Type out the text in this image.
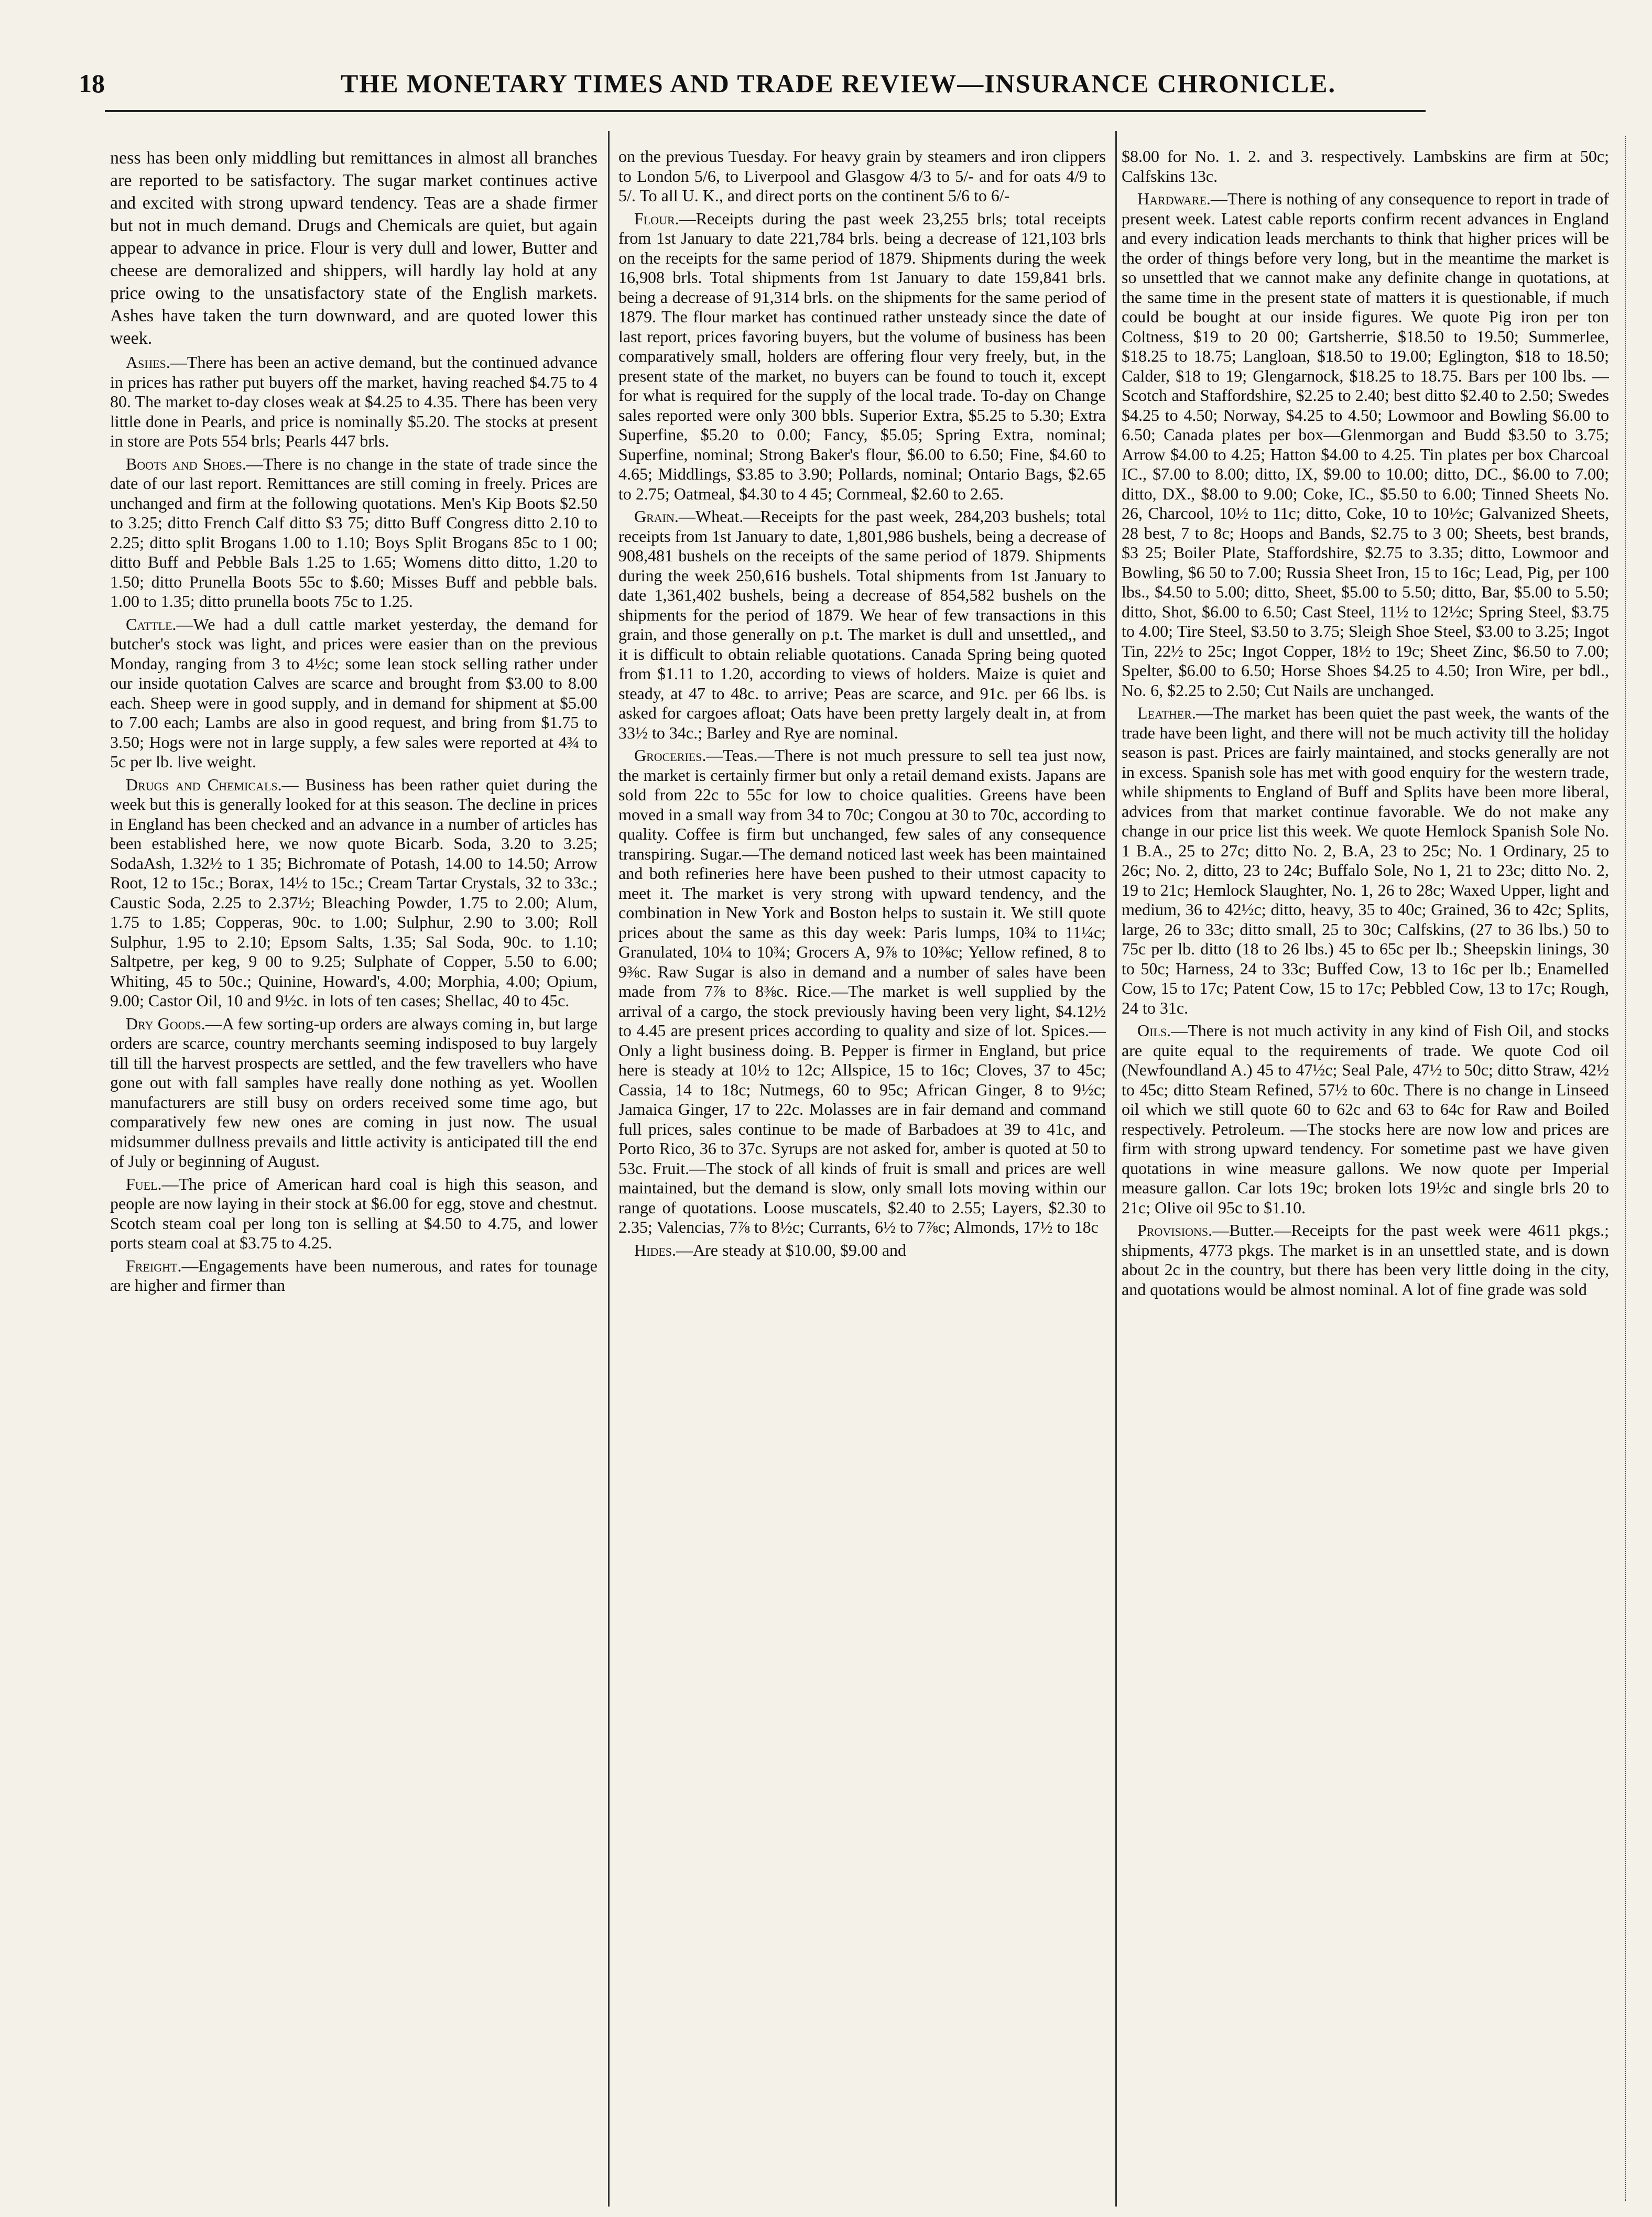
18	THE MONETARY TIMES AND TRADE REVIEW—INSURANCE CHRONICLE.

ness has been only middling but remittances in almost all branches are reported to be satisfactory. The sugar market continues active and excited with strong upward tendency. Teas are a shade firmer but not in much demand. Drugs and Chemicals are quiet, but again appear to advance in price. Flour is very dull and lower, Butter and cheese are demoralized and shippers, will hardly lay hold at any price owing to the unsatisfactory state of the English markets. Ashes have taken the turn downward, and are quoted lower this week.

Ashes.—There has been an active demand, but the continued advance in prices has rather put buyers off the market, having reached $4.75 to 4 80. The market to-day closes weak at $4.25 to 4.35. There has been very little done in Pearls, and price is nominally $5.20. The stocks at present in store are Pots 554 brls; Pearls 447 brls.

Boots and Shoes.—There is no change in the state of trade since the date of our last report. Remittances are still coming in freely. Prices are unchanged and firm at the following quotations. Men's Kip Boots $2.50 to 3.25; ditto French Calf ditto $3 75; ditto Buff Congress ditto 2.10 to 2.25; ditto split Brogans 1.00 to 1.10; Boys Split Brogans 85c to 1 00; ditto Buff and Pebble Bals 1.25 to 1.65; Womens ditto ditto, 1.20 to 1.50; ditto Prunella Boots 55c to $.60; Misses Buff and pebble bals. 1.00 to 1.35; ditto prunella boots 75c to 1.25.

Cattle.—We had a dull cattle market yesterday, the demand for butcher's stock was light, and prices were easier than on the previous Monday, ranging from 3 to 4½c; some lean stock selling rather under our inside quotation Calves are scarce and brought from $3.00 to 8.00 each. Sheep were in good supply, and in demand for shipment at $5.00 to 7.00 each; Lambs are also in good request, and bring from $1.75 to 3.50; Hogs were not in large supply, a few sales were reported at 4¾ to 5c per lb. live weight.

Drugs and Chemicals.— Business has been rather quiet during the week but this is generally looked for at this season. The decline in prices in England has been checked and an advance in a number of articles has been established here, we now quote Bicarb. Soda, 3.20 to 3.25; SodaAsh, 1.32½ to 1 35; Bichromate of Potash, 14.00 to 14.50; Arrow Root, 12 to 15c.; Borax, 14½ to 15c.; Cream Tartar Crystals, 32 to 33c.; Caustic Soda, 2.25 to 2.37½; Bleaching Powder, 1.75 to 2.00; Alum, 1.75 to 1.85; Copperas, 90c. to 1.00; Sulphur, 2.90 to 3.00; Roll Sulphur, 1.95 to 2.10; Epsom Salts, 1.35; Sal Soda, 90c. to 1.10; Saltpetre, per keg, 9 00 to 9.25; Sulphate of Copper, 5.50 to 6.00; Whiting, 45 to 50c.; Quinine, Howard's, 4.00; Morphia, 4.00; Opium, 9.00; Castor Oil, 10 and 9½c. in lots of ten cases; Shellac, 40 to 45c.

Dry Goods.—A few sorting-up orders are always coming in, but large orders are scarce, country merchants seeming indisposed to buy largely till till the harvest prospects are settled, and the few travellers who have gone out with fall samples have really done nothing as yet. Woollen manufacturers are still busy on orders received some time ago, but comparatively few new ones are coming in just now. The usual midsummer dullness prevails and little activity is anticipated till the end of July or beginning of August.

Fuel.—The price of American hard coal is high this season, and people are now laying in their stock at $6.00 for egg, stove and chestnut. Scotch steam coal per long ton is selling at $4.50 to 4.75, and lower ports steam coal at $3.75 to 4.25.

Freight.—Engagements have been numerous, and rates for tounage are higher and firmer than

on the previous Tuesday. For heavy grain by steamers and iron clippers to London 5/6, to Liverpool and Glasgow 4/3 to 5/- and for oats 4/9 to 5/. To all U. K., and direct ports on the continent 5/6 to 6/-

Flour.—Receipts during the past week 23,255 brls; total receipts from 1st January to date 221,784 brls. being a decrease of 121,103 brls on the receipts for the same period of 1879. Shipments during the week 16,908 brls. Total shipments from 1st January to date 159,841 brls. being a decrease of 91,314 brls. on the shipments for the same period of 1879. The flour market has continued rather unsteady since the date of last report, prices favoring buyers, but the volume of business has been comparatively small, holders are offering flour very freely, but, in the present state of the market, no buyers can be found to touch it, except for what is required for the supply of the local trade. To-day on Change sales reported were only 300 bbls. Superior Extra, $5.25 to 5.30; Extra Superfine, $5.20 to 0.00; Fancy, $5.05; Spring Extra, nominal; Superfine, nominal; Strong Baker's flour, $6.00 to 6.50; Fine, $4.60 to 4.65; Middlings, $3.85 to 3.90; Pollards, nominal; Ontario Bags, $2.65 to 2.75; Oatmeal, $4.30 to 4 45; Cornmeal, $2.60 to 2.65.

Grain.—Wheat.—Receipts for the past week, 284,203 bushels; total receipts from 1st January to date, 1,801,986 bushels, being a decrease of 908,481 bushels on the receipts of the same period of 1879. Shipments during the week 250,616 bushels. Total shipments from 1st January to date 1,361,402 bushels, being a decrease of 854,582 bushels on the shipments for the period of 1879. We hear of few transactions in this grain, and those generally on p.t. The market is dull and unsettled,, and it is difficult to obtain reliable quotations. Canada Spring being quoted from $1.11 to 1.20, according to views of holders. Maize is quiet and steady, at 47 to 48c. to arrive; Peas are scarce, and 91c. per 66 lbs. is asked for cargoes afloat; Oats have been pretty largely dealt in, at from 33½ to 34c.; Barley and Rye are nominal.

Groceries.—Teas.—There is not much pressure to sell tea just now, the market is certainly firmer but only a retail demand exists. Japans are sold from 22c to 55c for low to choice qualities. Greens have been moved in a small way from 34 to 70c; Congou at 30 to 70c, according to quality. Coffee is firm but unchanged, few sales of any consequence transpiring. Sugar.—The demand noticed last week has been maintained and both refineries here have been pushed to their utmost capacity to meet it. The market is very strong with upward tendency, and the combination in New York and Boston helps to sustain it. We still quote prices about the same as this day week: Paris lumps, 10¾ to 11¼c; Granulated, 10¼ to 10¾; Grocers A, 9⅞ to 10⅜c; Yellow refined, 8 to 9⅜c. Raw Sugar is also in demand and a number of sales have been made from 7⅞ to 8⅜c. Rice.—The market is well supplied by the arrival of a cargo, the stock previously having been very light, $4.12½ to 4.45 are present prices according to quality and size of lot. Spices.—Only a light business doing. B. Pepper is firmer in England, but price here is steady at 10½ to 12c; Allspice, 15 to 16c; Cloves, 37 to 45c; Cassia, 14 to 18c; Nutmegs, 60 to 95c; African Ginger, 8 to 9½c; Jamaica Ginger, 17 to 22c. Molasses are in fair demand and command full prices, sales continue to be made of Barbadoes at 39 to 41c, and Porto Rico, 36 to 37c. Syrups are not asked for, amber is quoted at 50 to 53c. Fruit.—The stock of all kinds of fruit is small and prices are well maintained, but the demand is slow, only small lots moving within our range of quotations. Loose muscatels, $2.40 to 2.55; Layers, $2.30 to 2.35; Valencias, 7⅞ to 8½c; Currants, 6½ to 7⅞c; Almonds, 17½ to 18c

Hides.—Are steady at $10.00, $9.00 and

$8.00 for No. 1. 2. and 3. respectively. Lambskins are firm at 50c; Calfskins 13c.

Hardware.—There is nothing of any consequence to report in trade of present week. Latest cable reports confirm recent advances in England and every indication leads merchants to think that higher prices will be the order of things before very long, but in the meantime the market is so unsettled that we cannot make any definite change in quotations, at the same time in the present state of matters it is questionable, if much could be bought at our inside figures. We quote Pig iron per ton Coltness, $19 to 20 00; Gartsherrie, $18.50 to 19.50; Summerlee, $18.25 to 18.75; Langloan, $18.50 to 19.00; Eglington, $18 to 18.50; Calder, $18 to 19; Glengarnock, $18.25 to 18.75. Bars per 100 lbs. —Scotch and Staffordshire, $2.25 to 2.40; best ditto $2.40 to 2.50; Swedes $4.25 to 4.50; Norway, $4.25 to 4.50; Lowmoor and Bowling $6.00 to 6.50; Canada plates per box—Glenmorgan and Budd $3.50 to 3.75; Arrow $4.00 to 4.25; Hatton $4.00 to 4.25. Tin plates per box Charcoal IC., $7.00 to 8.00; ditto, IX, $9.00 to 10.00; ditto, DC., $6.00 to 7.00; ditto, DX., $8.00 to 9.00; Coke, IC., $5.50 to 6.00; Tinned Sheets No. 26, Charcool, 10½ to 11c; ditto, Coke, 10 to 10½c; Galvanized Sheets, 28 best, 7 to 8c; Hoops and Bands, $2.75 to 3 00; Sheets, best brands, $3 25; Boiler Plate, Staffordshire, $2.75 to 3.35; ditto, Lowmoor and Bowling, $6 50 to 7.00; Russia Sheet Iron, 15 to 16c; Lead, Pig, per 100 lbs., $4.50 to 5.00; ditto, Sheet, $5.00 to 5.50; ditto, Bar, $5.00 to 5.50; ditto, Shot, $6.00 to 6.50; Cast Steel, 11½ to 12½c; Spring Steel, $3.75 to 4.00; Tire Steel, $3.50 to 3.75; Sleigh Shoe Steel, $3.00 to 3.25; Ingot Tin, 22½ to 25c; Ingot Copper, 18½ to 19c; Sheet Zinc, $6.50 to 7.00; Spelter, $6.00 to 6.50; Horse Shoes $4.25 to 4.50; Iron Wire, per bdl., No. 6, $2.25 to 2.50; Cut Nails are unchanged.

Leather.—The market has been quiet the past week, the wants of the trade have been light, and there will not be much activity till the holiday season is past. Prices are fairly maintained, and stocks generally are not in excess. Spanish sole has met with good enquiry for the western trade, while shipments to England of Buff and Splits have been more liberal, advices from that market continue favorable. We do not make any change in our price list this week. We quote Hemlock Spanish Sole No. 1 B.A., 25 to 27c; ditto No. 2, B.A, 23 to 25c; No. 1 Ordinary, 25 to 26c; No. 2, ditto, 23 to 24c; Buffalo Sole, No 1, 21 to 23c; ditto No. 2, 19 to 21c; Hemlock Slaughter, No. 1, 26 to 28c; Waxed Upper, light and medium, 36 to 42½c; ditto, heavy, 35 to 40c; Grained, 36 to 42c; Splits, large, 26 to 33c; ditto small, 25 to 30c; Calfskins, (27 to 36 lbs.) 50 to 75c per lb. ditto (18 to 26 lbs.) 45 to 65c per lb.; Sheepskin linings, 30 to 50c; Harness, 24 to 33c; Buffed Cow, 13 to 16c per lb.; Enamelled Cow, 15 to 17c; Patent Cow, 15 to 17c; Pebbled Cow, 13 to 17c; Rough, 24 to 31c.

Oils.—There is not much activity in any kind of Fish Oil, and stocks are quite equal to the requirements of trade. We quote Cod oil (Newfoundland A.) 45 to 47½c; Seal Pale, 47½ to 50c; ditto Straw, 42½ to 45c; ditto Steam Refined, 57½ to 60c. There is no change in Linseed oil which we still quote 60 to 62c and 63 to 64c for Raw and Boiled respectively. Petroleum. —The stocks here are now low and prices are firm with strong upward tendency. For sometime past we have given quotations in wine measure gallons. We now quote per Imperial measure gallon. Car lots 19c; broken lots 19½c and single brls 20 to 21c; Olive oil 95c to $1.10.

Provisions.—Butter.—Receipts for the past week were 4611 pkgs.; shipments, 4773 pkgs. The market is in an unsettled state, and is down about 2c in the country, but there has been very little doing in the city, and quotations would be almost nominal. A lot of fine grade was sold
